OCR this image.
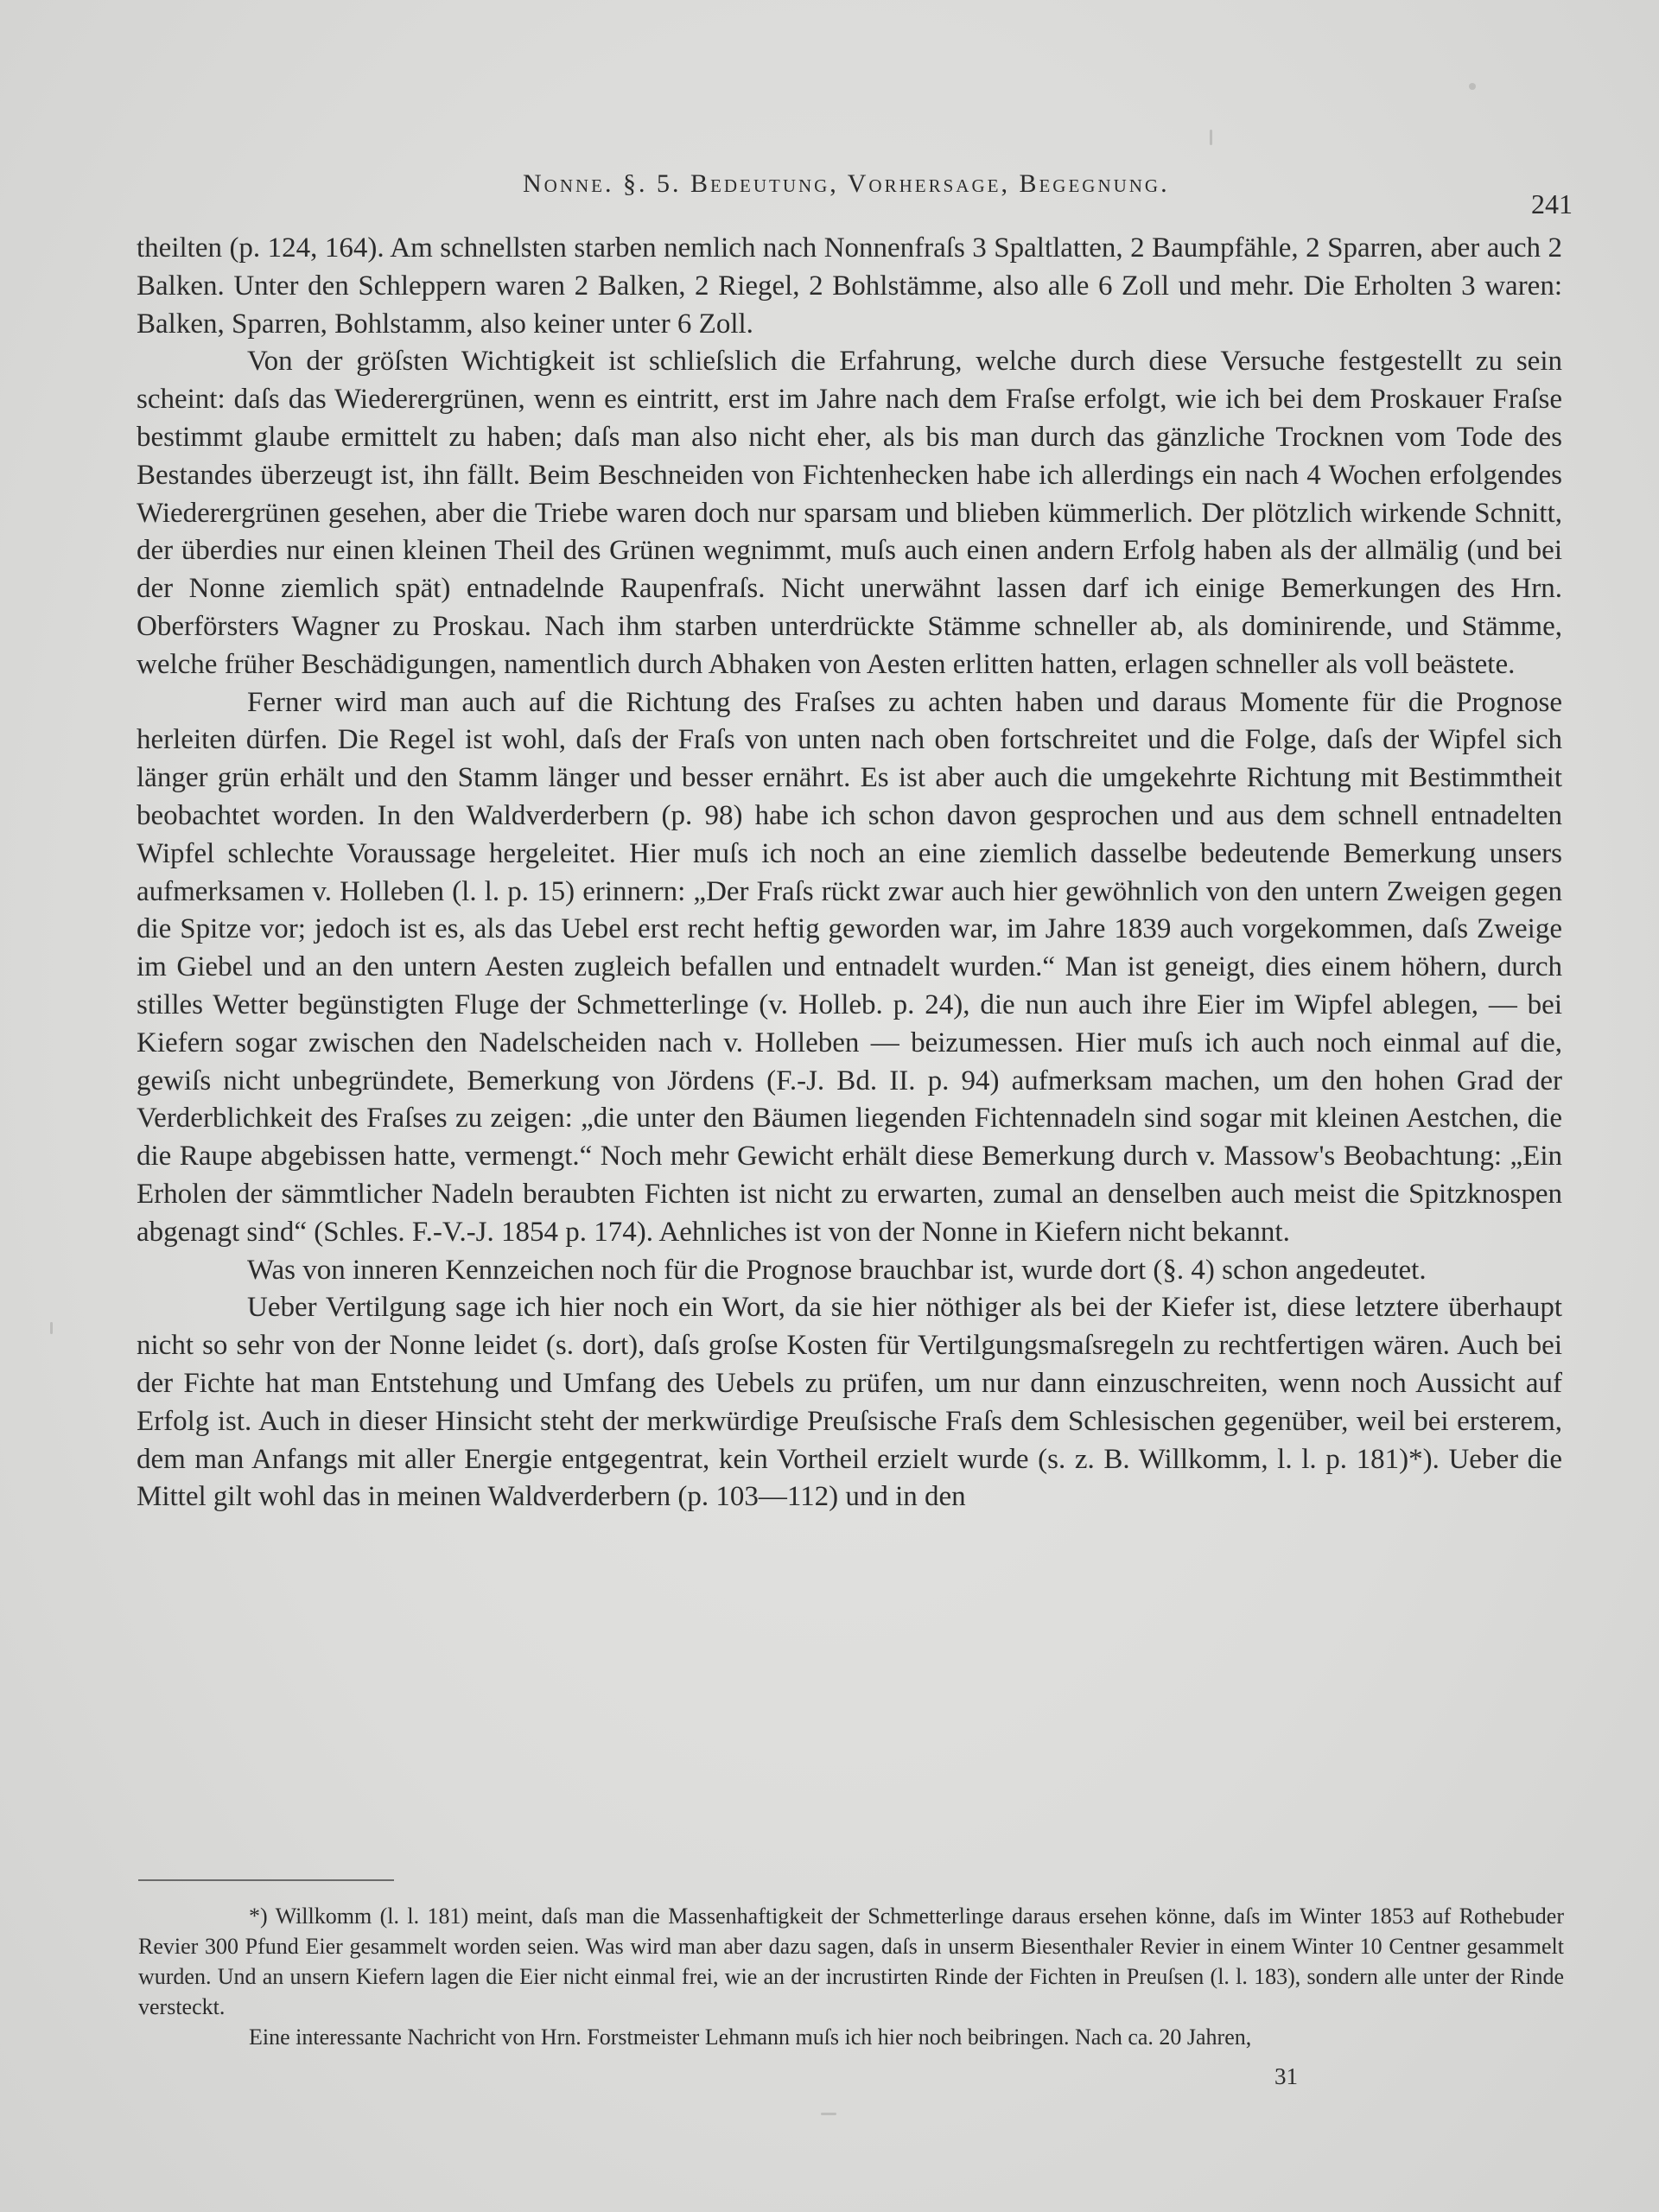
Nonne. §. 5. Bedeutung, Vorhersage, Begegnung.
241

theilten (p. 124, 164). Am schnellsten starben nemlich nach Nonnenfraſs 3 Spaltlatten, 2 Baumpfähle, 2 Sparren, aber auch 2 Balken. Unter den Schleppern waren 2 Balken, 2 Riegel, 2 Bohlstämme, also alle 6 Zoll und mehr. Die Erholten 3 waren: Balken, Sparren, Bohlstamm, also keiner unter 6 Zoll.

Von der gröſsten Wichtigkeit ist schlieſslich die Erfahrung, welche durch diese Versuche festgestellt zu sein scheint: daſs das Wiederergrünen, wenn es eintritt, erst im Jahre nach dem Fraſse erfolgt, wie ich bei dem Proskauer Fraſse bestimmt glaube ermittelt zu haben; daſs man also nicht eher, als bis man durch das gänzliche Trocknen vom Tode des Bestandes überzeugt ist, ihn fällt. Beim Beschneiden von Fichtenhecken habe ich allerdings ein nach 4 Wochen erfolgendes Wiederergrünen gesehen, aber die Triebe waren doch nur sparsam und blieben kümmerlich. Der plötzlich wirkende Schnitt, der überdies nur einen kleinen Theil des Grünen wegnimmt, muſs auch einen andern Erfolg haben als der allmälig (und bei der Nonne ziemlich spät) entnadelnde Raupenfraſs. Nicht unerwähnt lassen darf ich einige Bemerkungen des Hrn. Oberförsters Wagner zu Proskau. Nach ihm starben unterdrückte Stämme schneller ab, als dominirende, und Stämme, welche früher Beschädigungen, namentlich durch Abhaken von Aesten erlitten hatten, erlagen schneller als voll beästete.

Ferner wird man auch auf die Richtung des Fraſses zu achten haben und daraus Momente für die Prognose herleiten dürfen. Die Regel ist wohl, daſs der Fraſs von unten nach oben fortschreitet und die Folge, daſs der Wipfel sich länger grün erhält und den Stamm länger und besser ernährt. Es ist aber auch die umgekehrte Richtung mit Bestimmtheit beobachtet worden. In den Waldverderbern (p. 98) habe ich schon davon gesprochen und aus dem schnell entnadelten Wipfel schlechte Voraussage hergeleitet. Hier muſs ich noch an eine ziemlich dasselbe bedeutende Bemerkung unsers aufmerksamen v. Holleben (l. l. p. 15) erinnern: „Der Fraſs rückt zwar auch hier gewöhnlich von den untern Zweigen gegen die Spitze vor; jedoch ist es, als das Uebel erst recht heftig geworden war, im Jahre 1839 auch vorgekommen, daſs Zweige im Giebel und an den untern Aesten zugleich befallen und entnadelt wurden.“ Man ist geneigt, dies einem höhern, durch stilles Wetter begünstigten Fluge der Schmetterlinge (v. Holleb. p. 24), die nun auch ihre Eier im Wipfel ablegen, — bei Kiefern sogar zwischen den Nadelscheiden nach v. Holleben — beizumessen. Hier muſs ich auch noch einmal auf die, gewiſs nicht unbegründete, Bemerkung von Jördens (F.-J. Bd. II. p. 94) aufmerksam machen, um den hohen Grad der Verderblichkeit des Fraſses zu zeigen: „die unter den Bäumen liegenden Fichtennadeln sind sogar mit kleinen Aestchen, die die Raupe abgebissen hatte, vermengt.“ Noch mehr Gewicht erhält diese Bemerkung durch v. Massow's Beobachtung: „Ein Erholen der sämmtlicher Nadeln beraubten Fichten ist nicht zu erwarten, zumal an denselben auch meist die Spitzknospen abgenagt sind“ (Schles. F.-V.-J. 1854 p. 174). Aehnliches ist von der Nonne in Kiefern nicht bekannt.

Was von inneren Kennzeichen noch für die Prognose brauchbar ist, wurde dort (§. 4) schon angedeutet.

Ueber Vertilgung sage ich hier noch ein Wort, da sie hier nöthiger als bei der Kiefer ist, diese letztere überhaupt nicht so sehr von der Nonne leidet (s. dort), daſs groſse Kosten für Vertilgungsmaſsregeln zu rechtfertigen wären. Auch bei der Fichte hat man Entstehung und Umfang des Uebels zu prüfen, um nur dann einzuschreiten, wenn noch Aussicht auf Erfolg ist. Auch in dieser Hinsicht steht der merkwürdige Preuſsische Fraſs dem Schlesischen gegenüber, weil bei ersterem, dem man Anfangs mit aller Energie entgegentrat, kein Vortheil erzielt wurde (s. z. B. Willkomm, l. l. p. 181)*). Ueber die Mittel gilt wohl das in meinen Waldverderbern (p. 103—112) und in den

*) Willkomm (l. l. 181) meint, daſs man die Massenhaftigkeit der Schmetterlinge daraus ersehen könne, daſs im Winter 1853 auf Rothebuder Revier 300 Pfund Eier gesammelt worden seien. Was wird man aber dazu sagen, daſs in unserm Biesenthaler Revier in einem Winter 10 Centner gesammelt wurden. Und an unsern Kiefern lagen die Eier nicht einmal frei, wie an der incrustirten Rinde der Fichten in Preuſsen (l. l. 183), sondern alle unter der Rinde versteckt.

Eine interessante Nachricht von Hrn. Forstmeister Lehmann muſs ich hier noch beibringen. Nach ca. 20 Jahren,

31
